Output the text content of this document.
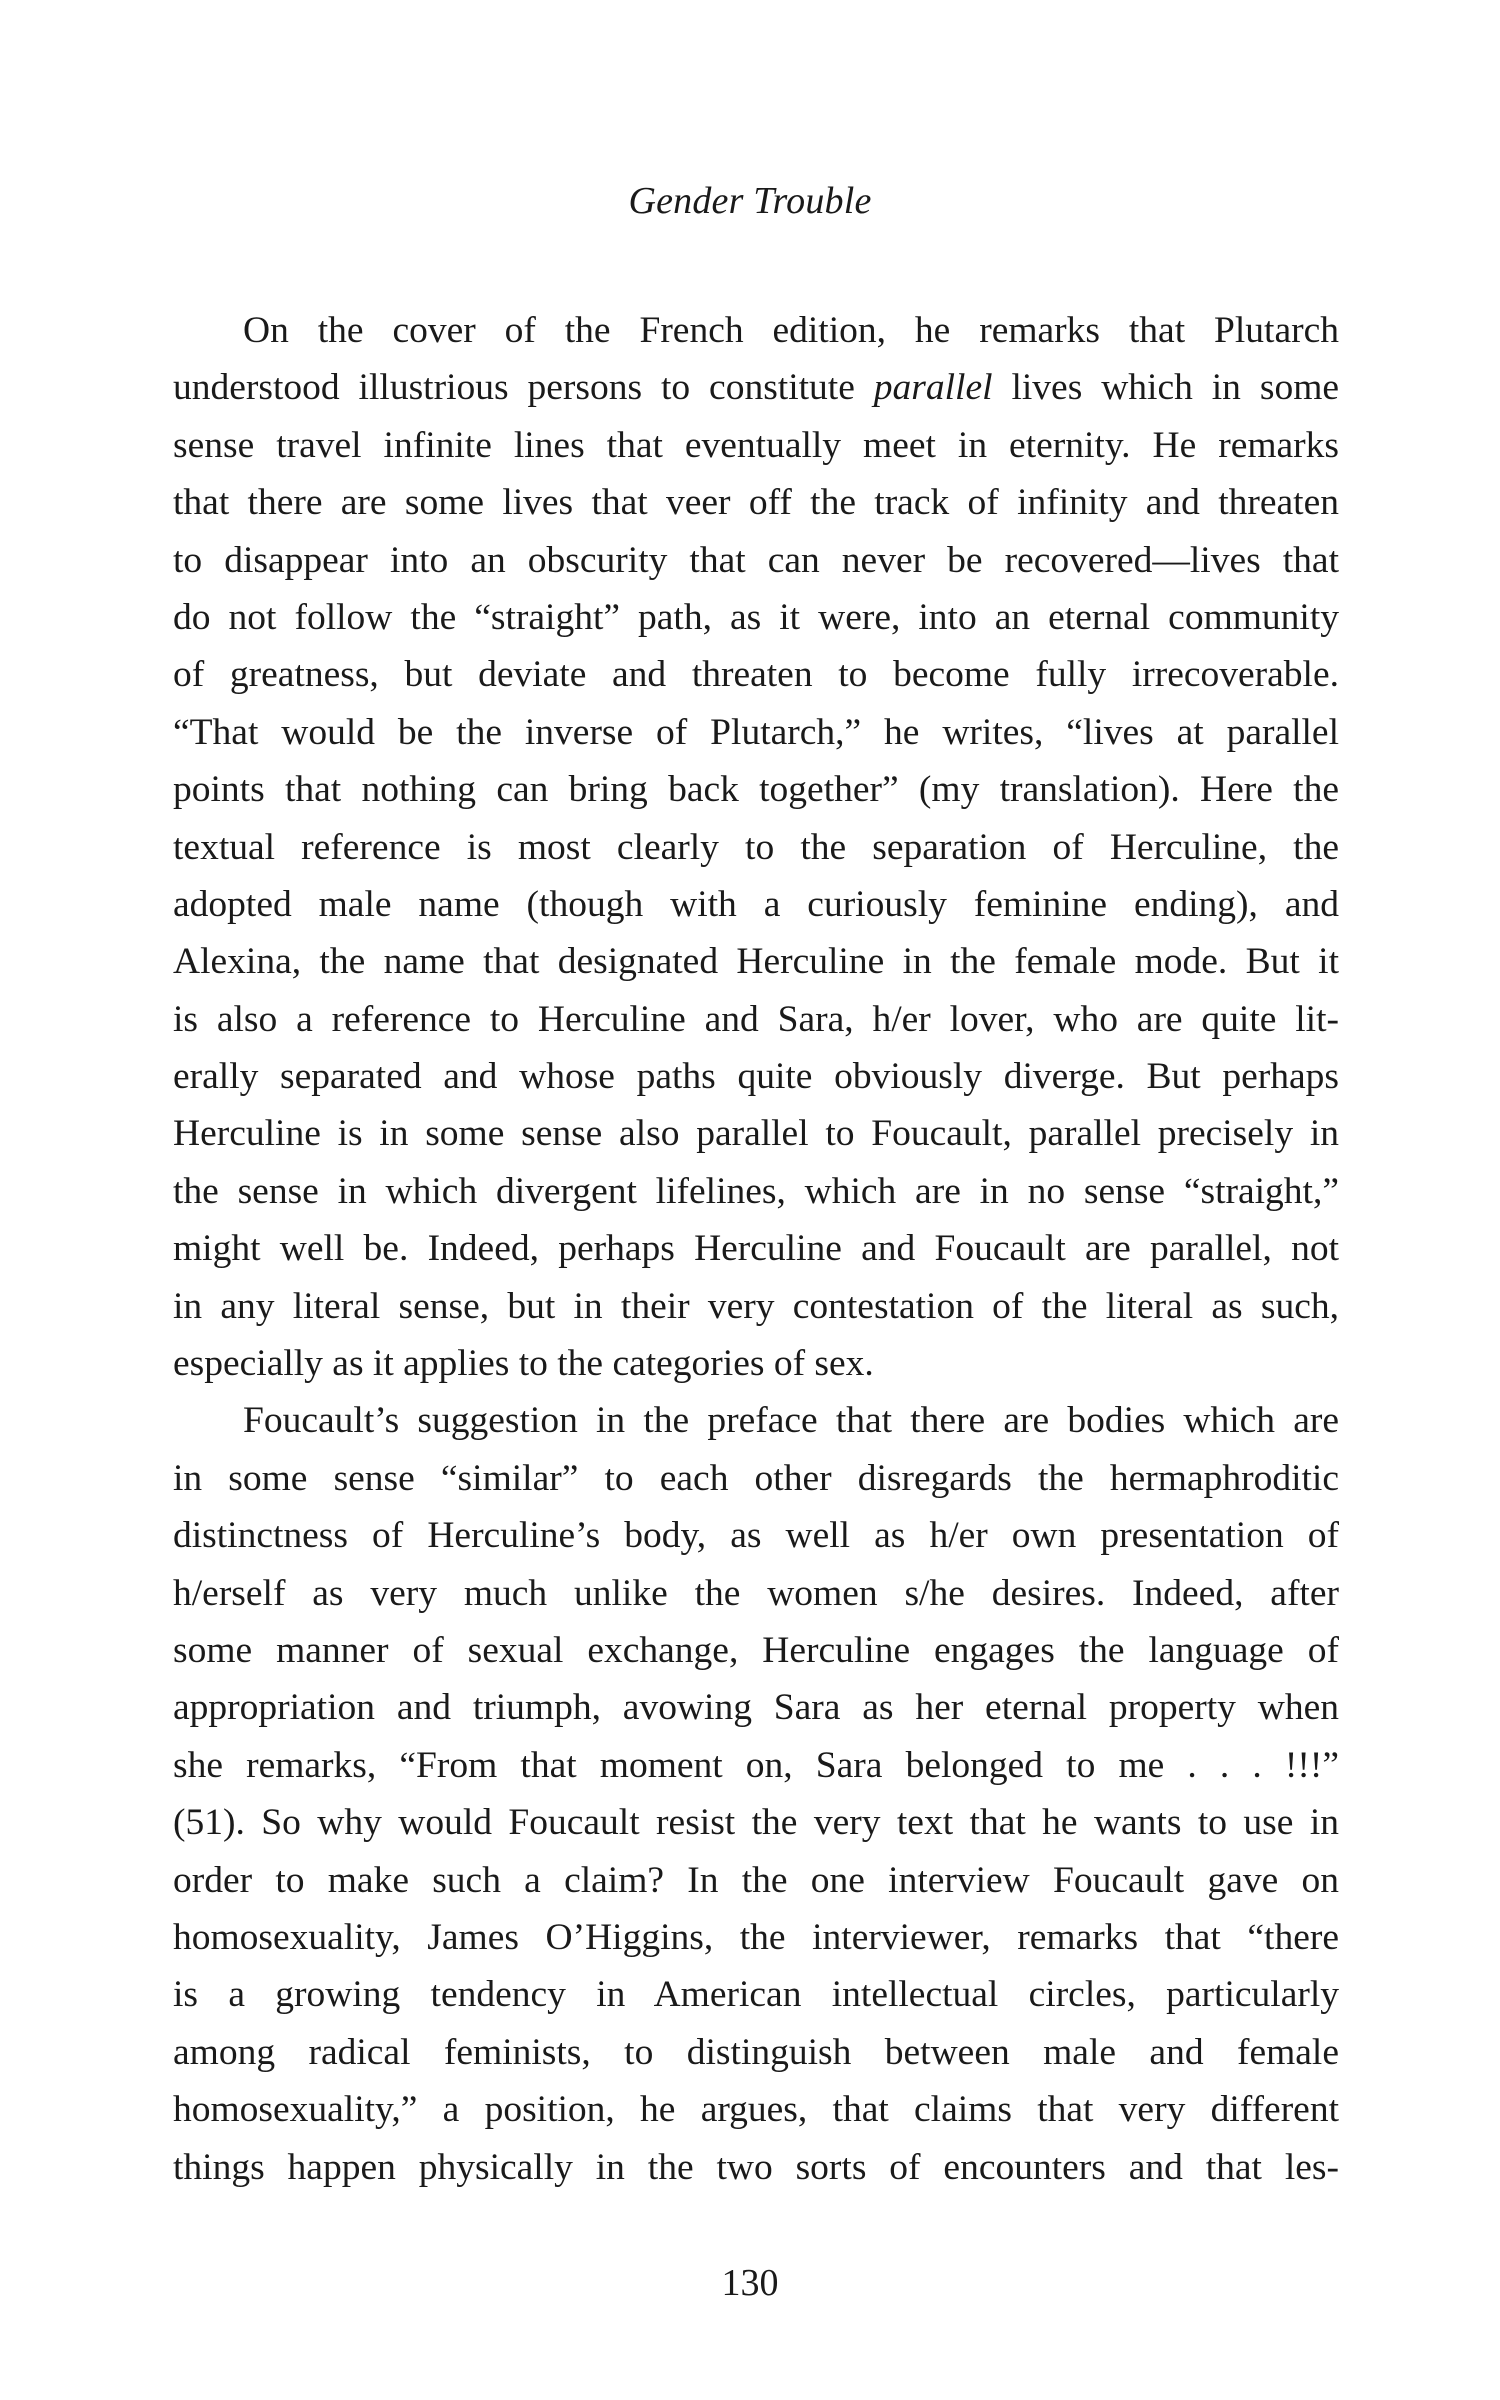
Gender Trouble
On the cover of the French edition, he remarks that Plutarch
understood illustrious persons to constitute parallel lives which in some
sense travel infinite lines that eventually meet in eternity. He remarks
that there are some lives that veer off the track of infinity and threaten
to disappear into an obscurity that can never be recovered—lives that
do not follow the “straight” path, as it were, into an eternal community
of greatness, but deviate and threaten to become fully irrecoverable.
“That would be the inverse of Plutarch,” he writes, “lives at parallel
points that nothing can bring back together” (my translation). Here the
textual reference is most clearly to the separation of Herculine, the
adopted male name (though with a curiously feminine ending), and
Alexina, the name that designated Herculine in the female mode. But it
is also a reference to Herculine and Sara, h/er lover, who are quite lit-
erally separated and whose paths quite obviously diverge. But perhaps
Herculine is in some sense also parallel to Foucault, parallel precisely in
the sense in which divergent lifelines, which are in no sense “straight,”
might well be. Indeed, perhaps Herculine and Foucault are parallel, not
in any literal sense, but in their very contestation of the literal as such,
especially as it applies to the categories of sex.
Foucault’s suggestion in the preface that there are bodies which are
in some sense “similar” to each other disregards the hermaphroditic
distinctness of Herculine’s body, as well as h/er own presentation of
h/erself as very much unlike the women s/he desires. Indeed, after
some manner of sexual exchange, Herculine engages the language of
appropriation and triumph, avowing Sara as her eternal property when
she remarks, “From that moment on, Sara belonged to me . . . !!!”
(51). So why would Foucault resist the very text that he wants to use in
order to make such a claim? In the one interview Foucault gave on
homosexuality, James O’Higgins, the interviewer, remarks that “there
is a growing tendency in American intellectual circles, particularly
among radical feminists, to distinguish between male and female
homosexuality,” a position, he argues, that claims that very different
things happen physically in the two sorts of encounters and that les-
130
